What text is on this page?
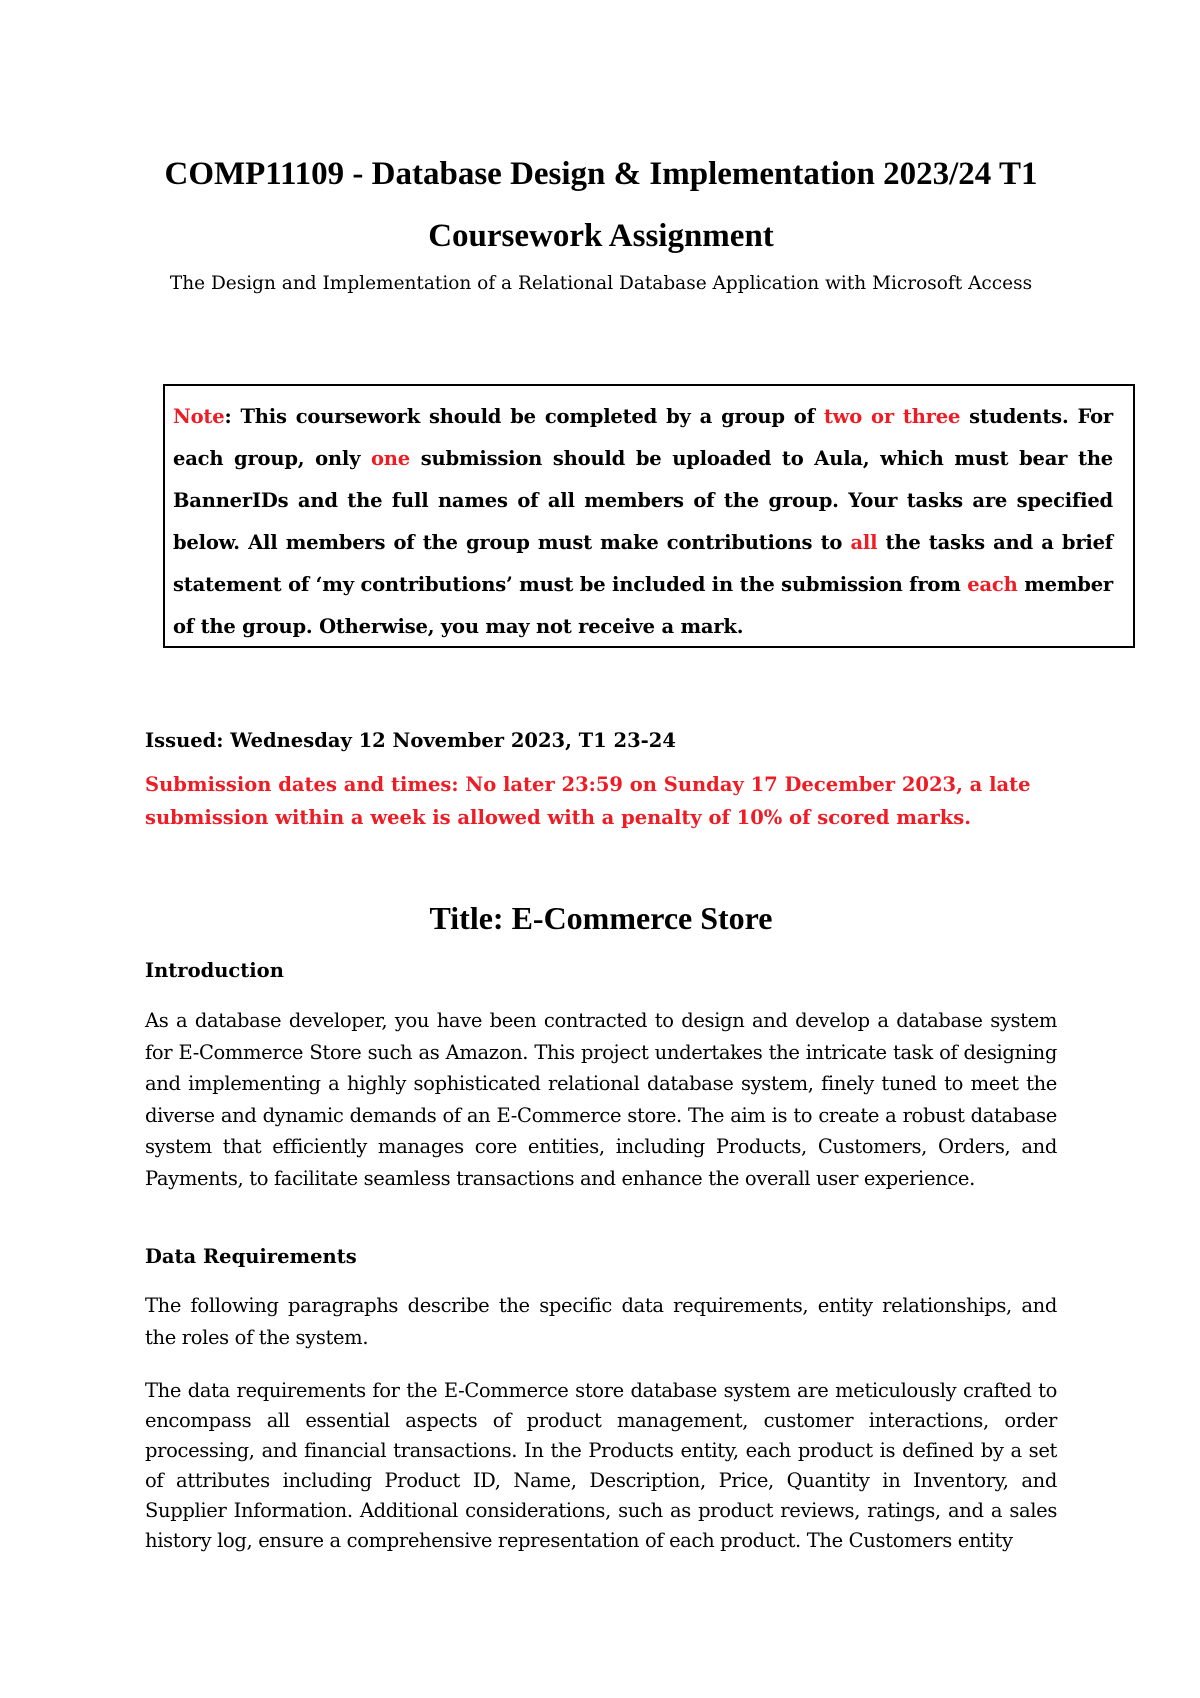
COMP11109 - Database Design & Implementation 2023/24 T1
Coursework Assignment

The Design and Implementation of a Relational Database Application with Microsoft Access

Note: This coursework should be completed by a group of two or three students. For each group, only one submission should be uploaded to Aula, which must bear the BannerIDs and the full names of all members of the group. Your tasks are specified below. All members of the group must make contributions to all the tasks and a brief statement of ‘my contributions’ must be included in the submission from each member of the group. Otherwise, you may not receive a mark.

Issued: Wednesday 12 November 2023, T1 23-24

Submission dates and times: No later 23:59 on Sunday 17 December 2023, a late submission within a week is allowed with a penalty of 10% of scored marks.

Title: E-Commerce Store
Introduction

As a database developer, you have been contracted to design and develop a database system for E-Commerce Store such as Amazon. This project undertakes the intricate task of designing and implementing a highly sophisticated relational database system, finely tuned to meet the diverse and dynamic demands of an E-Commerce store. The aim is to create a robust database system that efficiently manages core entities, including Products, Customers, Orders, and Payments, to facilitate seamless transactions and enhance the overall user experience.

Data Requirements

The following paragraphs describe the specific data requirements, entity relationships, and the roles of the system.

The data requirements for the E-Commerce store database system are meticulously crafted to encompass all essential aspects of product management, customer interactions, order processing, and financial transactions. In the Products entity, each product is defined by a set of attributes including Product ID, Name, Description, Price, Quantity in Inventory, and Supplier Information. Additional considerations, such as product reviews, ratings, and a sales history log, ensure a comprehensive representation of each product. The Customers entity
